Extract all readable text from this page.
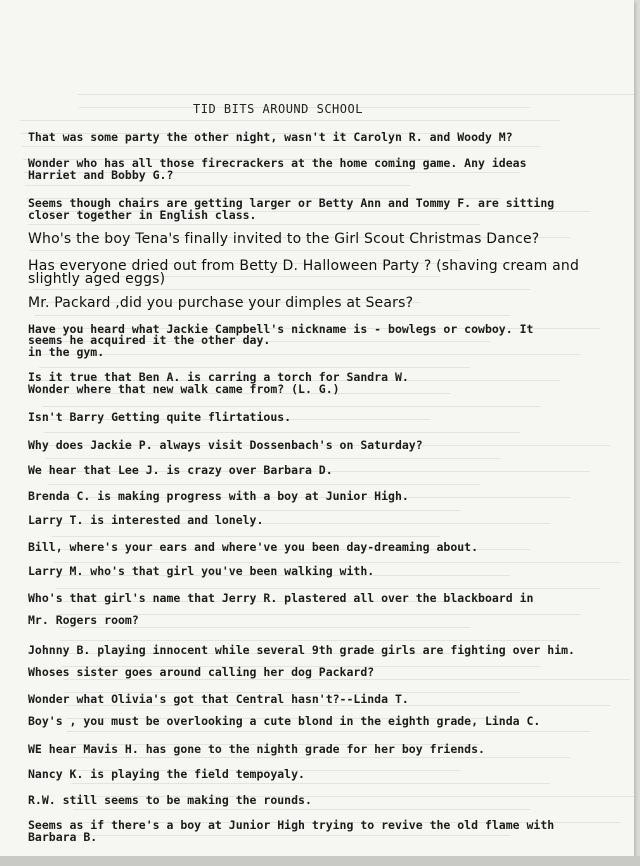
TID BITS AROUND SCHOOL
That was some party the other night, wasn't it Carolyn R. and Woody M?
Wonder who has all those firecrackers at the home coming game. Any ideas
Harriet and Bobby G.?
Seems though chairs are getting larger or Betty Ann and Tommy F. are sitting
closer together in English class.
Who's the boy Tena's finally invited to the Girl Scout Christmas Dance?
Has everyone dried out from Betty D. Halloween Party ? (shaving cream and
slightly aged eggs)
Mr. Packard ,did you purchase your dimples at Sears?
Have you heard what Jackie Campbell's nickname is - bowlegs or cowboy. It
seems he acquired it the other day.
in the gym.
Is it true that Ben A. is carring a torch for Sandra W.
Wonder where that new walk came from? (L. G.)
Isn't Barry Getting quite flirtatious.
Why does Jackie P. always visit Dossenbach's on Saturday?
We hear that Lee J. is crazy over Barbara D.
Brenda C. is making progress with a boy at Junior High.
Larry T. is interested and lonely.
Bill, where's your ears and where've you been day-dreaming about.
Larry M. who's that girl you've been walking with.
Who's that girl's name that Jerry R. plastered all over the blackboard in
Mr. Rogers room?
Johnny B. playing innocent while several 9th grade girls are fighting over him.
Whoses sister goes around calling her dog Packard?
Wonder what Olivia's got that Central hasn't?--Linda T.
Boy's , you must be overlooking a cute blond in the eighth grade, Linda C.
WE hear Mavis H. has gone to the nighth grade for her boy friends.
Nancy K. is playing the field tempoyaly.
R.W. still seems to be making the rounds.
Seems as if there's a boy at Junior High trying to revive the old flame with
Barbara B.
